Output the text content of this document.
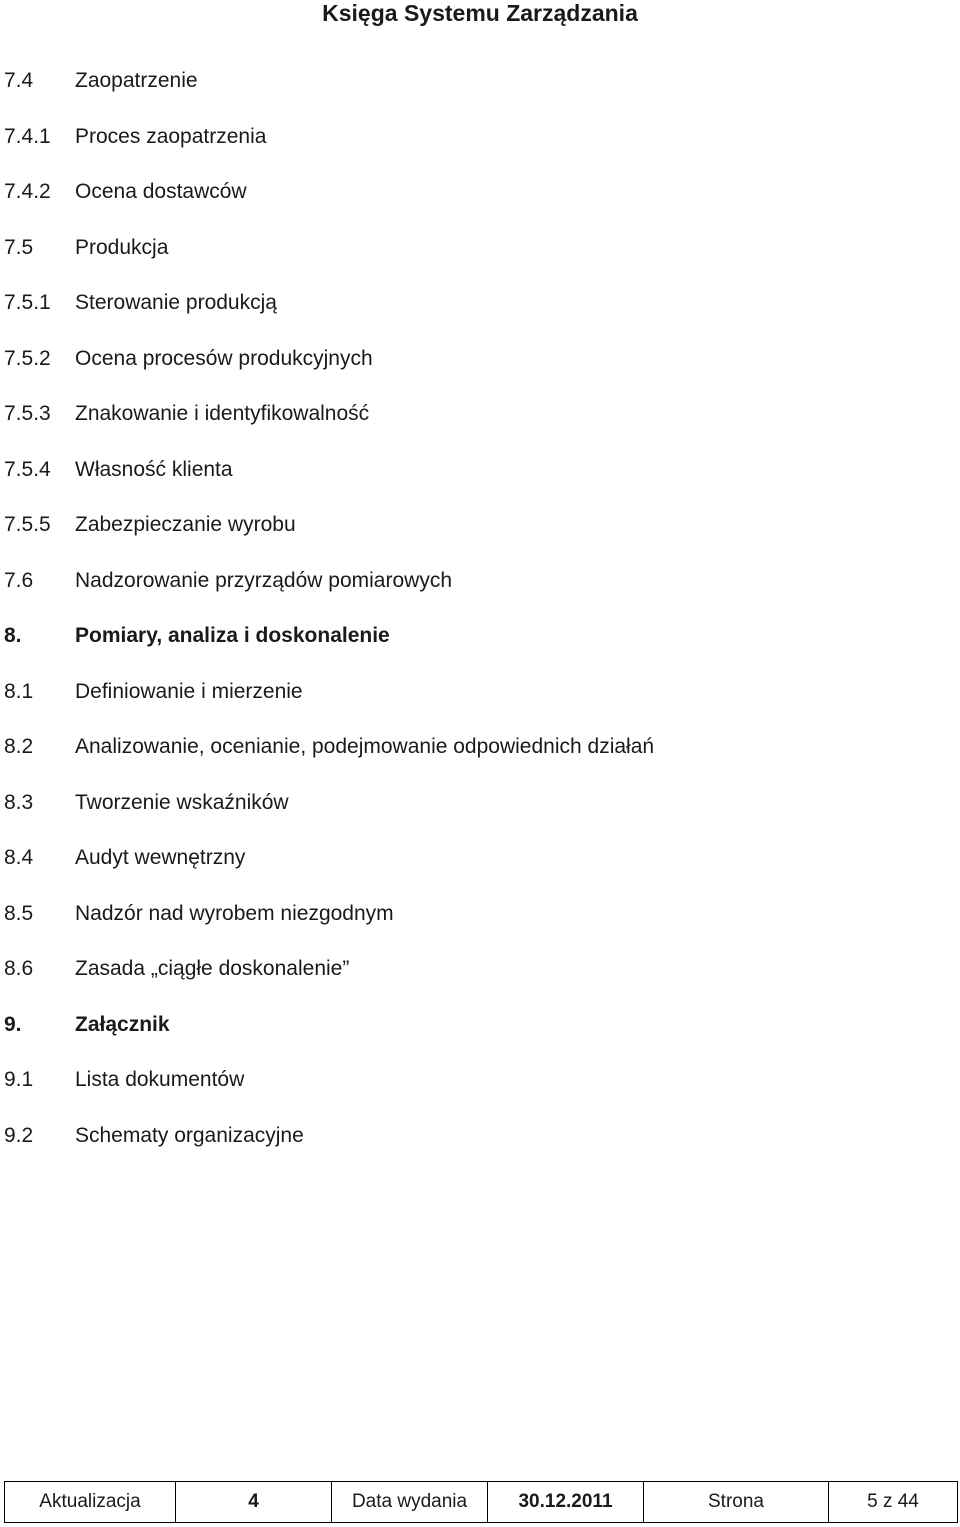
Księga Systemu Zarządzania
7.4 Zaopatrzenie
7.4.1 Proces zaopatrzenia
7.4.2 Ocena dostawców
7.5 Produkcja
7.5.1 Sterowanie produkcją
7.5.2 Ocena procesów produkcyjnych
7.5.3 Znakowanie i identyfikowalność
7.5.4 Własność klienta
7.5.5 Zabezpieczanie wyrobu
7.6 Nadzorowanie przyrządów pomiarowych
8.	Pomiary, analiza i doskonalenie
8.1 Definiowanie i mierzenie
8.2 Analizowanie, ocenianie, podejmowanie odpowiednich działań
8.3 Tworzenie wskaźników
8.4 Audyt wewnętrzny
8.5 Nadzór nad wyrobem niezgodnym
8.6 Zasada „ciągłe doskonalenie”
9.	Załącznik
9.1 Lista dokumentów
9.2 Schematy organizacyjne
Aktualizacja	4	Data wydania	30.12.2011	Strona	5 z 44
